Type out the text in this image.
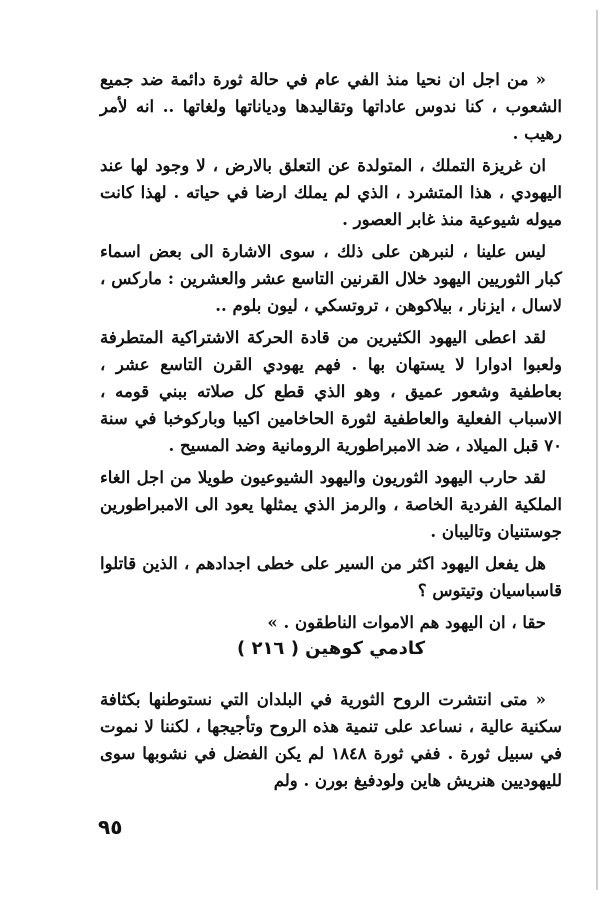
« من اجل ان نحيا منذ الفي عام في حالة ثورة دائمة ضد جميع الشعوب ، كنا ندوس عاداتها وتقاليدها ودياناتها ولغاتها .. انه لأمر رهيب .

ان غريزة التملك ، المتولدة عن التعلق بالارض ، لا وجود لها عند اليهودي ، هذا المتشرد ، الذي لم يملك ارضا في حياته . لهذا كانت ميوله شيوعية منذ غابر العصور .

ليس علينا ، لنبرهن على ذلك ، سوى الاشارة الى بعض اسماء كبار الثوريين اليهود خلال القرنين التاسع عشر والعشرين : ماركس ، لاسال ، ايزنار ، بيلاكوهن ، تروتسكي ، ليون بلوم ..

لقد اعطى اليهود الكثيرين من قادة الحركة الاشتراكية المتطرفة ولعبوا ادوارا لا يستهان بها . فهم يهودي القرن التاسع عشر ، بعاطفية وشعور عميق ، وهو الذي قطع كل صلاته ببني قومه ، الاسباب الفعلية والعاطفية لثورة الحاخامين اكيبا وباركوخبا في سنة ٧٠ قبل الميلاد ، ضد الامبراطورية الرومانية وضد المسيح .

لقد حارب اليهود الثوريون واليهود الشيوعيون طويلا من اجل الغاء الملكية الفردية الخاصة ، والرمز الذي يمثلها يعود الى الامبراطورين جوستنيان وتاليبان .

هل يفعل اليهود اكثر من السير على خطى اجدادهم ، الذين قاتلوا قاسباسيان وتيتوس ؟

حقا ، ان اليهود هم الاموات الناطقون . »

كادمي كوهين ( ٢١٦ )

« متى انتشرت الروح الثورية في البلدان التي نستوطنها بكثافة سكنية عالية ، نساعد على تنمية هذه الروح وتأجيجها ، لكننا لا نموت في سبيل ثورة . ففي ثورة ١٨٤٨ لم يكن الفضل في نشوبها سوى لليهوديين هنريش هاين ولودفيغ بورن . ولم

٩٥
